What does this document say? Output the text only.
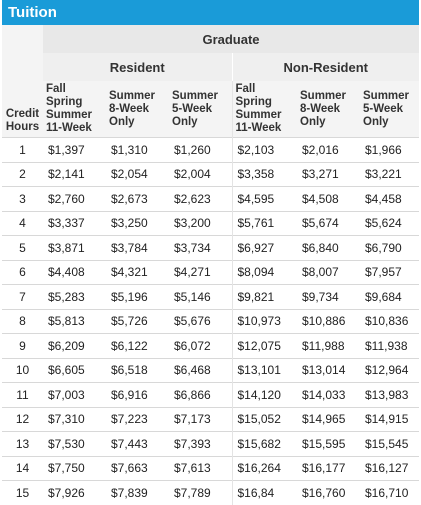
Tuition
	Graduate					
	Resident			Non-Resident		
Credit Hours	Fall Spring Summer 11-Week	Summer 8-Week Only	Summer 5-Week Only	Fall Spring Summer 11-Week	Summer 8-Week Only	Summer 5-Week Only
1	$1,397	$1,310	$1,260	$2,103	$2,016	$1,966
2	$2,141	$2,054	$2,004	$3,358	$3,271	$3,221
3	$2,760	$2,673	$2,623	$4,595	$4,508	$4,458
4	$3,337	$3,250	$3,200	$5,761	$5,674	$5,624
5	$3,871	$3,784	$3,734	$6,927	$6,840	$6,790
6	$4,408	$4,321	$4,271	$8,094	$8,007	$7,957
7	$5,283	$5,196	$5,146	$9,821	$9,734	$9,684
8	$5,813	$5,726	$5,676	$10,973	$10,886	$10,836
9	$6,209	$6,122	$6,072	$12,075	$11,988	$11,938
10	$6,605	$6,518	$6,468	$13,101	$13,014	$12,964
11	$7,003	$6,916	$6,866	$14,120	$14,033	$13,983
12	$7,310	$7,223	$7,173	$15,052	$14,965	$14,915
13	$7,530	$7,443	$7,393	$15,682	$15,595	$15,545
14	$7,750	$7,663	$7,613	$16,264	$16,177	$16,127
15	$7,926	$7,839	$7,789	$16,84	$16,760	$16,710
